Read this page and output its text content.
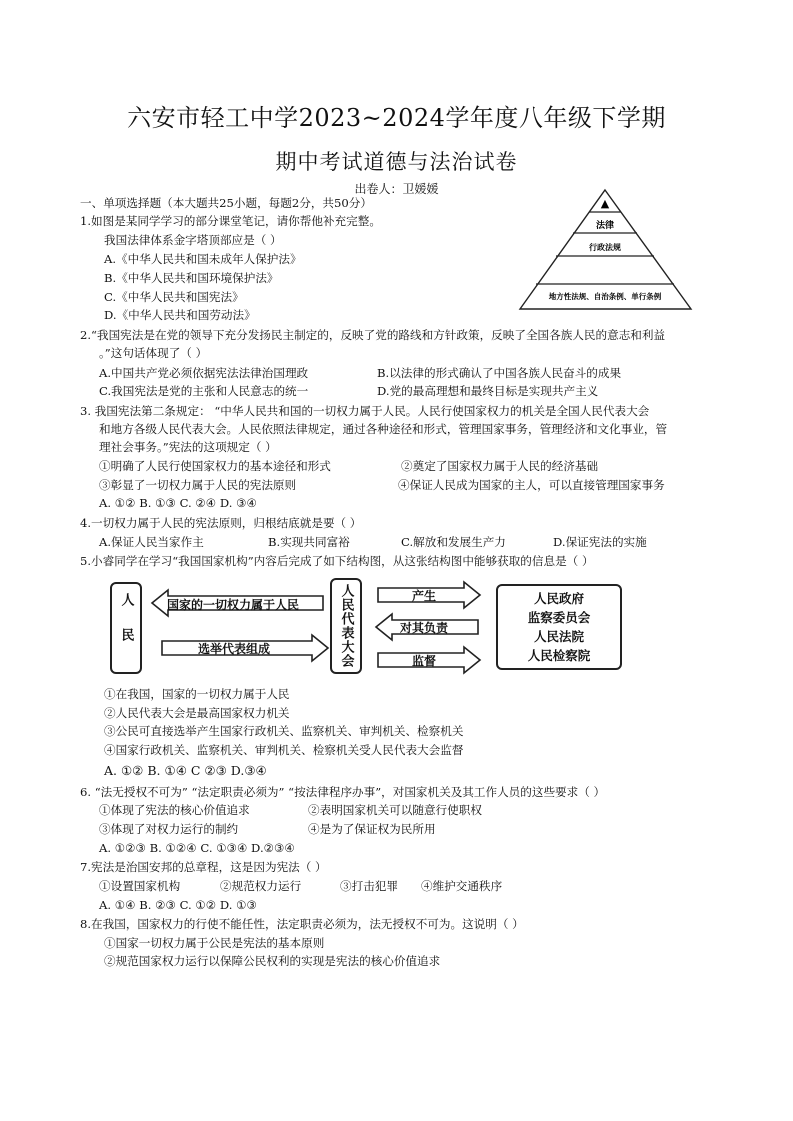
六安市轻工中学2023~2024学年度八年级下学期
期中考试道德与法治试卷
出卷人：卫媛媛
一、单项选择题（本大题共25小题，每题2分，共50分）	▲
法律
行政法规
地方性法规、自治条例、单行条例
1.如图是某同学学习的部分课堂笔记，请你帮他补充完整。
我国法律体系金字塔顶部应是（ ）
A.《中华人民共和国未成年人保护法》
B.《中华人民共和国环境保护法》
C.《中华人民共和国宪法》
D.《中华人民共和国劳动法》
2.“我国宪法是在党的领导下充分发扬民主制定的，反映了党的路线和方针政策，反映了全国各族人民的意志和利益
。”这句话体现了（ ）
A.中国共产党必须依据宪法法律治国理政	B.以法律的形式确认了中国各族人民奋斗的成果
C.我国宪法是党的主张和人民意志的统一	D.党的最高理想和最终目标是实现共产主义
3. 我国宪法第二条规定： “中华人民共和国的一切权力属于人民。人民行使国家权力的机关是全国人民代表大会
和地方各级人民代表大会。人民依照法律规定，通过各种途径和形式，管理国家事务，管理经济和文化事业，管
理社会事务。”宪法的这项规定（ ）
①明确了人民行使国家权力的基本途径和形式	②奠定了国家权力属于人民的经济基础
③彰显了一切权力属于人民的宪法原则	④保证人民成为国家的主人，可以直接管理国家事务
A. ①② B. ①③ C. ②④ D. ③④
4.一切权力属于人民的宪法原则，归根结底就是要（ ）
A.保证人民当家作主	B.实现共同富裕	C.解放和发展生产力	D.保证宪法的实施
5.小睿同学在学习“我国国家机构”内容后完成了如下结构图，从这张结构图中能够获取的信息是（ ）
人民	人民代表大会	人民政府
监察委员会
人民法院
人民检察院
国家的一切权力属于人民
选举代表组成
产生
对其负责
监督
①在我国，国家的一切权力属于人民
②人民代表大会是最高国家权力机关
③公民可直接选举产生国家行政机关、监察机关、审判机关、检察机关
④国家行政机关、监察机关、审判机关、检察机关受人民代表大会监督
A. ①② B. ①④ C ②③ D.③④
6. “法无授权不可为” “法定职责必须为” “按法律程序办事”，对国家机关及其工作人员的这些要求（ ）
①体现了宪法的核心价值追求	②表明国家机关可以随意行使职权
③体现了对权力运行的制约	④是为了保证权为民所用
A. ①②③ B. ①②④ C. ①③④ D.②③④
7.宪法是治国安邦的总章程，这是因为宪法（ ）
①设置国家机构	②规范权力运行	③打击犯罪 ④维护交通秩序
A. ①④ B. ②③ C. ①② D. ①③
8.在我国，国家权力的行使不能任性，法定职责必须为，法无授权不可为。这说明（ ）
①国家一切权力属于公民是宪法的基本原则
②规范国家权力运行以保障公民权利的实现是宪法的核心价值追求
